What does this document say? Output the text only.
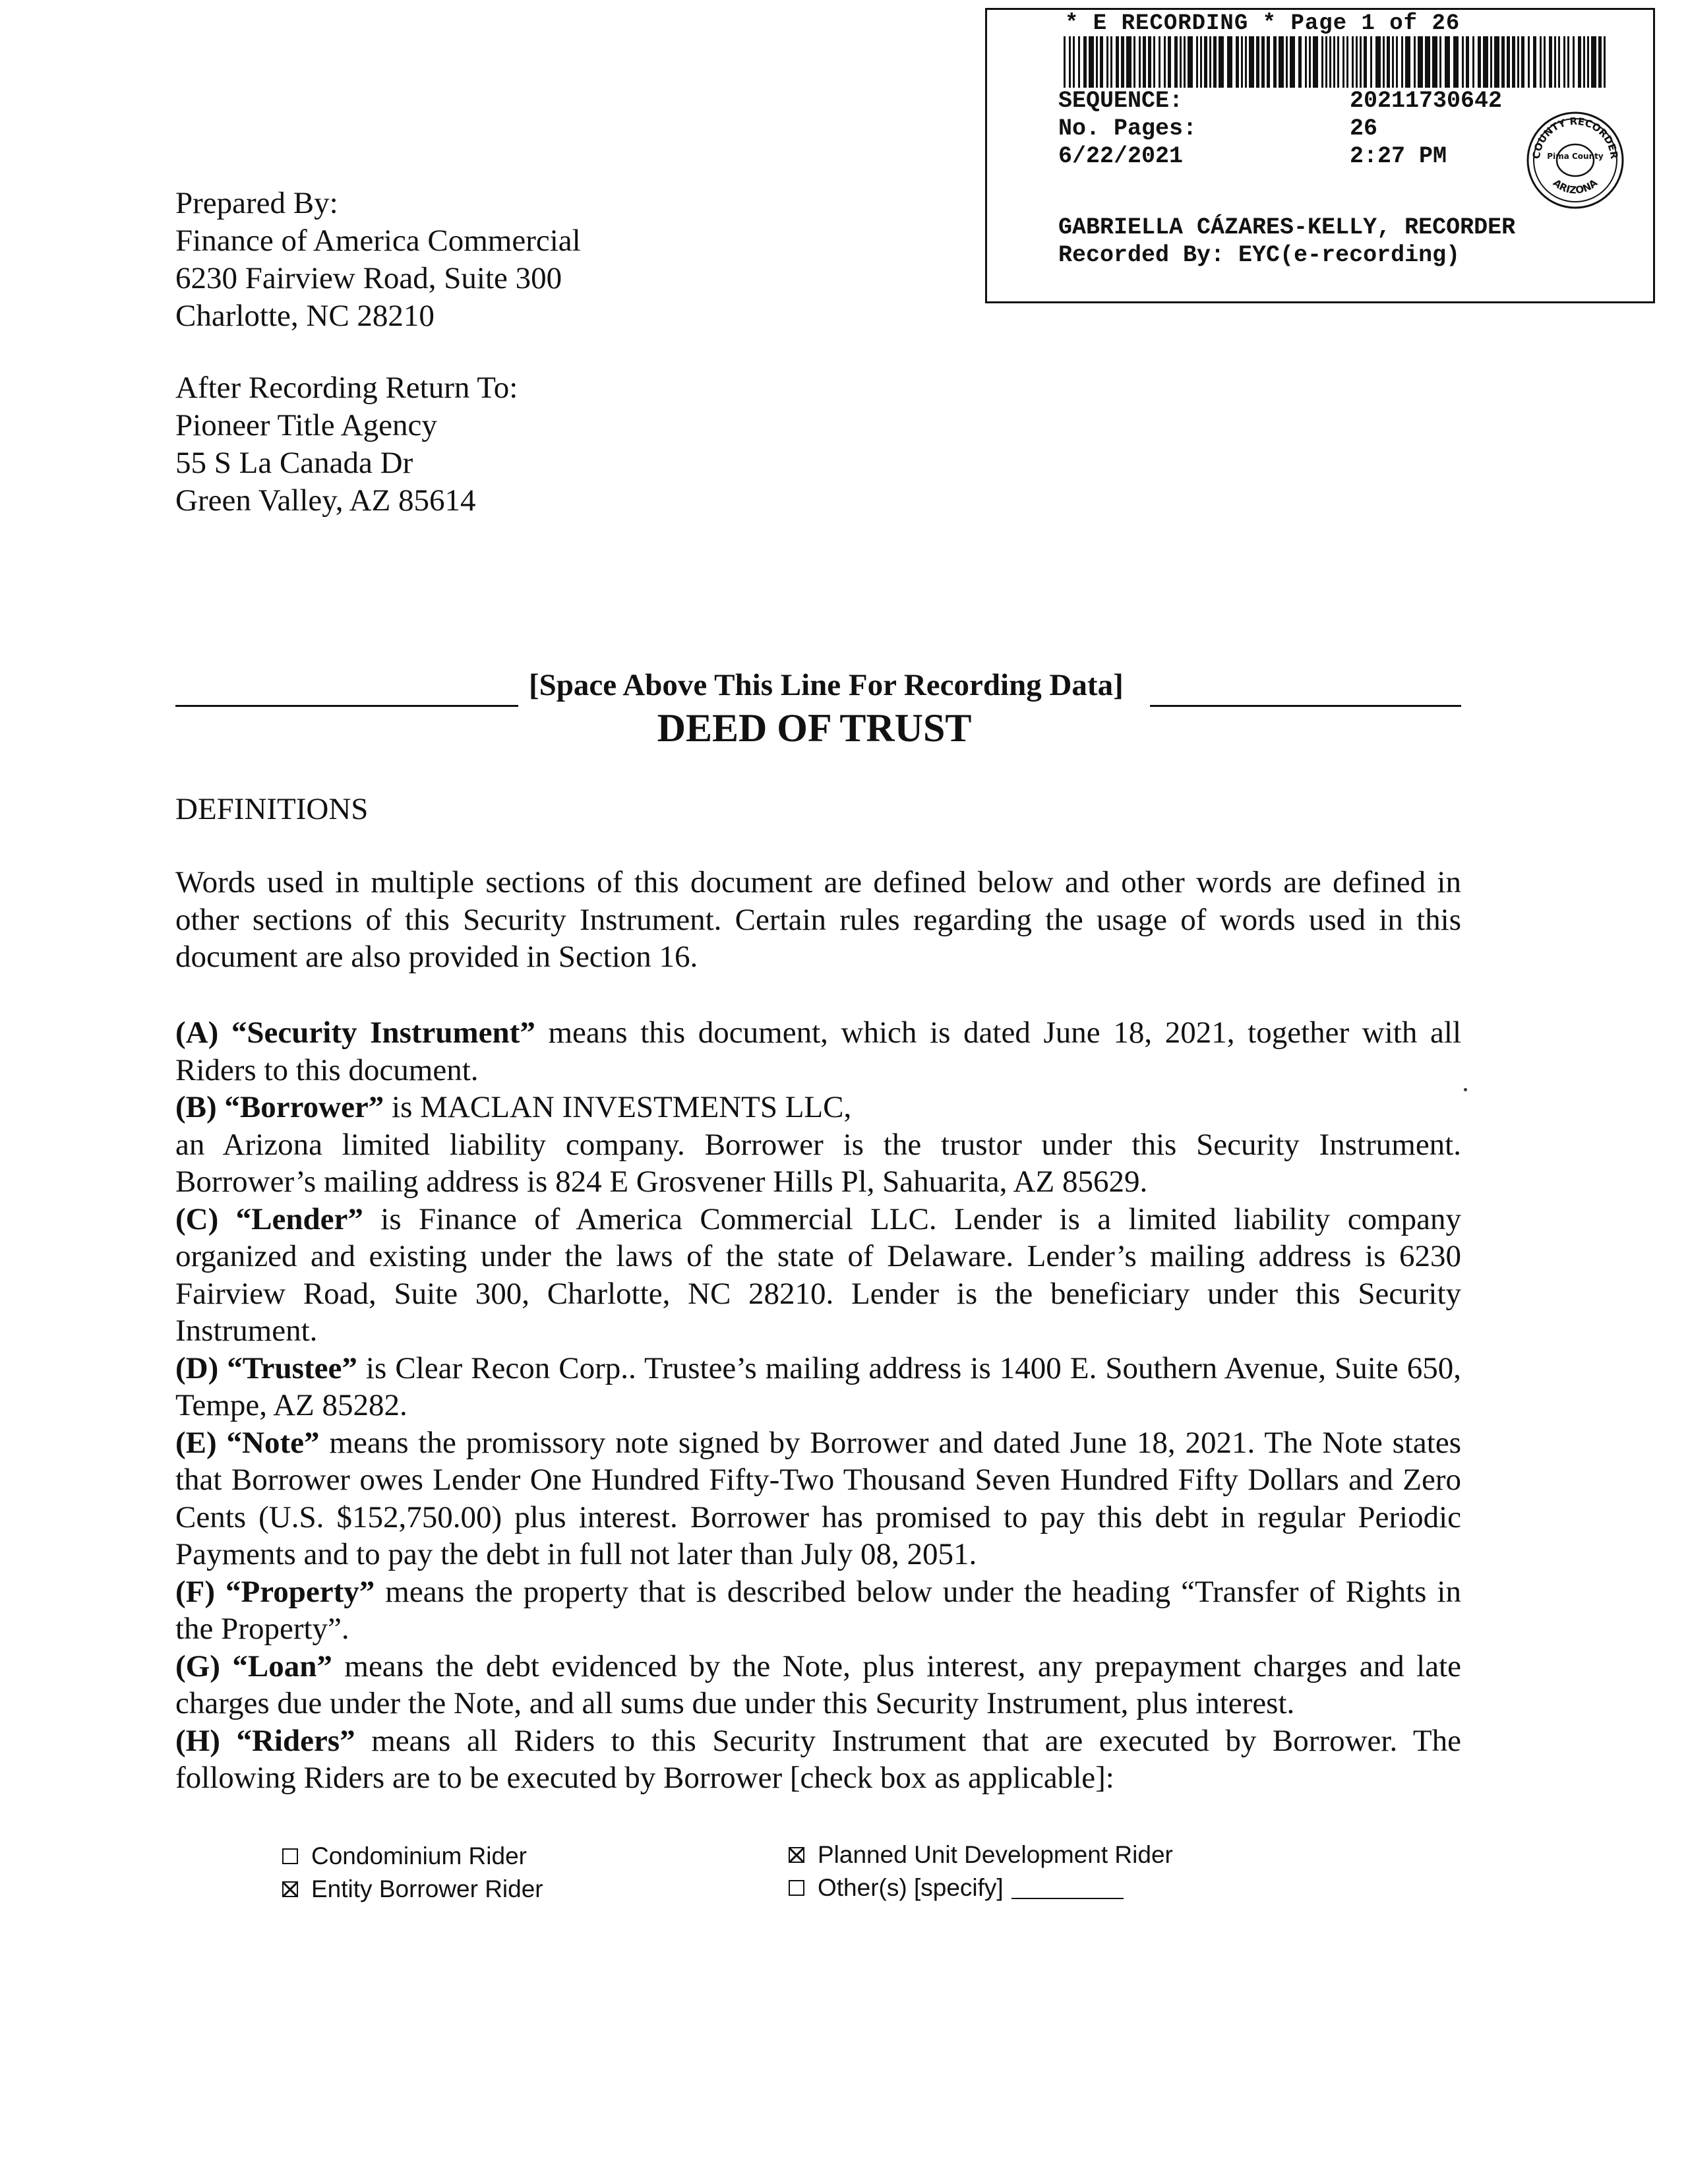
* E RECORDING * Page 1 of 26
SEQUENCE:	20211730642
No. Pages:	26
6/22/2021	2:27 PM	COUNTY RECORDER
ARIZONA
Pima County
GABRIELLA CÁZARES-KELLY, RECORDER
Recorded By: EYC(e-recording)
Prepared By:
Finance of America Commercial
6230 Fairview Road, Suite 300
Charlotte, NC 28210
After Recording Return To:
Pioneer Title Agency
55 S La Canada Dr
Green Valley, AZ 85614
[Space Above This Line For Recording Data]
DEED OF TRUST
DEFINITIONS
Words used in multiple sections of this document are defined below and other words are defined in other sections of this Security Instrument. Certain rules regarding the usage of words used in this document are also provided in Section 16.

(A) “Security Instrument” means this document, which is dated June 18, 2021, together with all Riders to this document.

(B) “Borrower” is MACLAN INVESTMENTS LLC,
an Arizona limited liability company. Borrower is the trustor under this Security Instrument. Borrower’s mailing address is 824 E Grosvener Hills Pl, Sahuarita, AZ 85629.

(C) “Lender” is Finance of America Commercial LLC. Lender is a limited liability company organized and existing under the laws of the state of Delaware. Lender’s mailing address is 6230 Fairview Road, Suite 300, Charlotte, NC 28210. Lender is the beneficiary under this Security Instrument.

(D) “Trustee” is Clear Recon Corp.. Trustee’s mailing address is 1400 E. Southern Avenue, Suite 650, Tempe, AZ 85282.

(E) “Note” means the promissory note signed by Borrower and dated June 18, 2021. The Note states that Borrower owes Lender One Hundred Fifty-Two Thousand Seven Hundred Fifty Dollars and Zero Cents (U.S. $152,750.00) plus interest. Borrower has promised to pay this debt in regular Periodic Payments and to pay the debt in full not later than July 08, 2051.

(F) “Property” means the property that is described below under the heading “Transfer of Rights in the Property”.

(G) “Loan” means the debt evidenced by the Note, plus interest, any prepayment charges and late charges due under the Note, and all sums due under this Security Instrument, plus interest.

(H) “Riders” means all Riders to this Security Instrument that are executed by Borrower. The following Riders are to be executed by Borrower [check box as applicable]:

Condominium Rider
Entity Borrower Rider
Planned Unit Development Rider
Other(s) [specify]
